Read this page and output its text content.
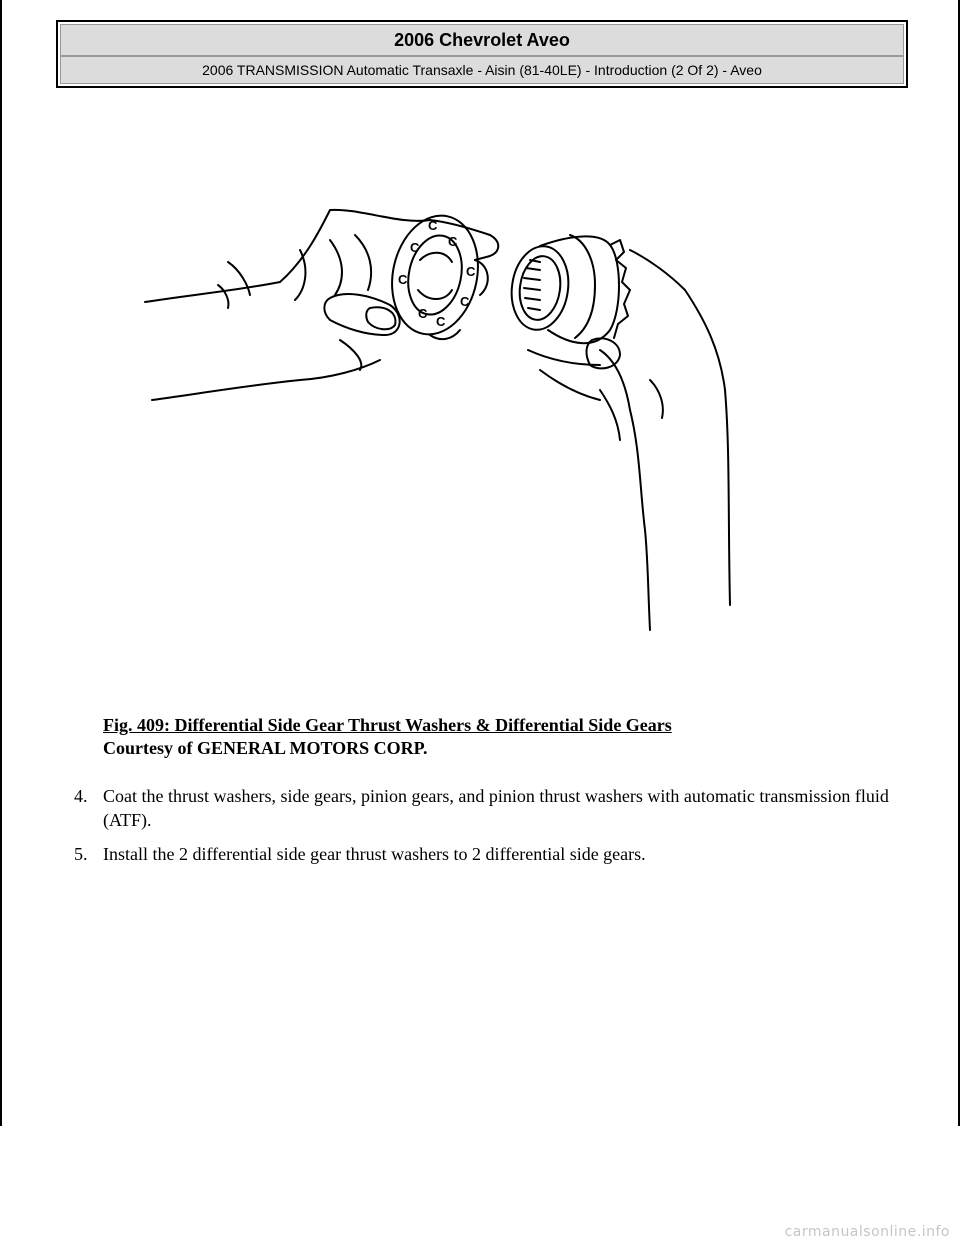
2006 Chevrolet Aveo
2006 TRANSMISSION Automatic Transaxle - Aisin (81-40LE) - Introduction (2 Of 2) - Aveo
C
C C
C
C
C
C
C
Fig. 409: Differential Side Gear Thrust Washers & Differential Side Gears
Courtesy of GENERAL MOTORS CORP.
4. Coat the thrust washers, side gears, pinion gears, and pinion thrust washers with automatic transmission fluid (ATF).
5. Install the 2 differential side gear thrust washers to 2 differential side gears.
carmanualsonline.info
